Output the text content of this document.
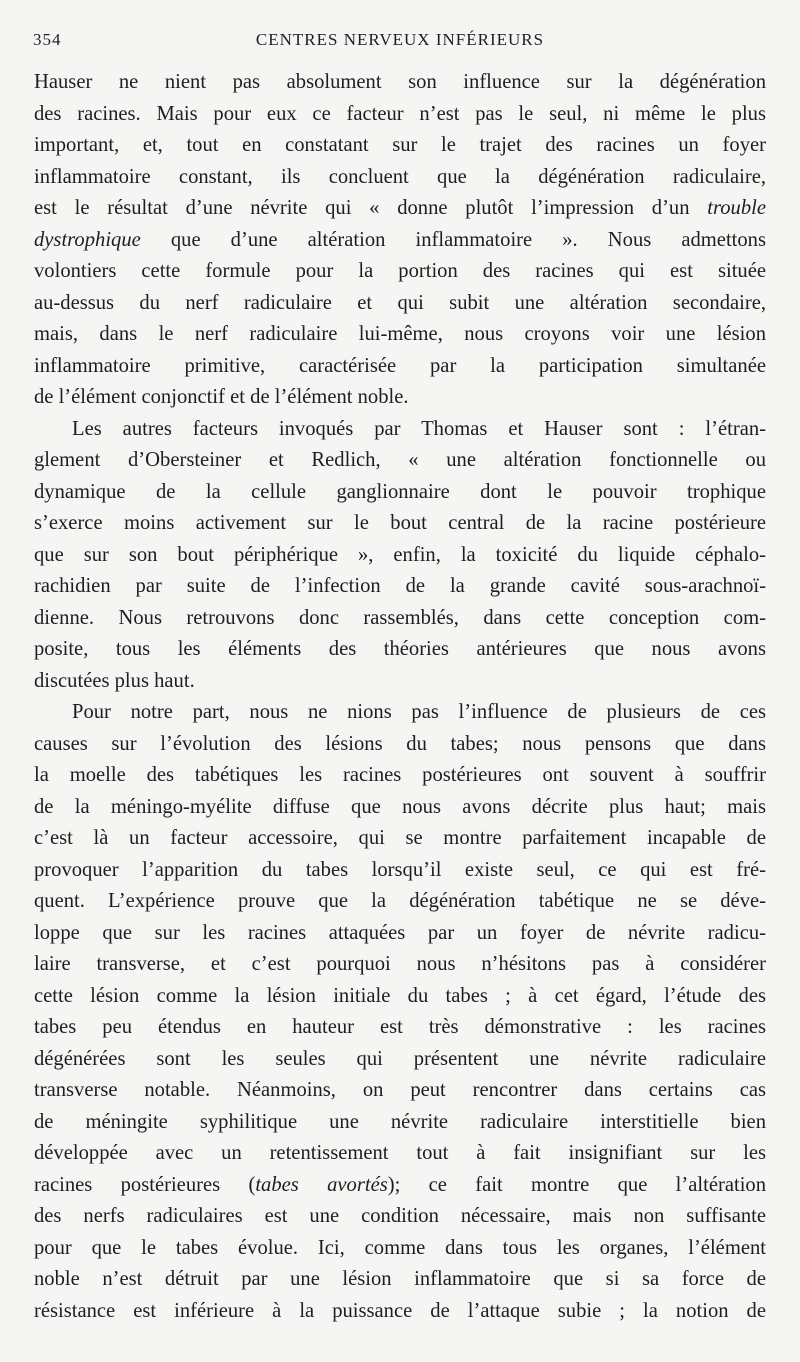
354	CENTRES NERVEUX INFÉRIEURS
Hauser ne nient pas absolument son influence sur la dégénération
des racines. Mais pour eux ce facteur n’est pas le seul, ni même le plus
important, et, tout en constatant sur le trajet des racines un foyer
inflammatoire constant, ils concluent que la dégénération radiculaire,
est le résultat d’une névrite qui « donne plutôt l’impression d’un trouble
dystrophique que d’une altération inflammatoire ». Nous admettons
volontiers cette formule pour la portion des racines qui est située
au-dessus du nerf radiculaire et qui subit une altération secondaire,
mais, dans le nerf radiculaire lui-même, nous croyons voir une lésion
inflammatoire primitive, caractérisée par la participation simultanée
de l’élément conjonctif et de l’élément noble.
Les autres facteurs invoqués par Thomas et Hauser sont : l’étran-
glement d’Obersteiner et Redlich, « une altération fonctionnelle ou
dynamique de la cellule ganglionnaire dont le pouvoir trophique
s’exerce moins activement sur le bout central de la racine postérieure
que sur son bout périphérique », enfin, la toxicité du liquide céphalo-
rachidien par suite de l’infection de la grande cavité sous-arachnoï-
dienne. Nous retrouvons donc rassemblés, dans cette conception com-
posite, tous les éléments des théories antérieures que nous avons
discutées plus haut.
Pour notre part, nous ne nions pas l’influence de plusieurs de ces
causes sur l’évolution des lésions du tabes; nous pensons que dans
la moelle des tabétiques les racines postérieures ont souvent à souffrir
de la méningo-myélite diffuse que nous avons décrite plus haut; mais
c’est là un facteur accessoire, qui se montre parfaitement incapable de
provoquer l’apparition du tabes lorsqu’il existe seul, ce qui est fré-
quent. L’expérience prouve que la dégénération tabétique ne se déve-
loppe que sur les racines attaquées par un foyer de névrite radicu-
laire transverse, et c’est pourquoi nous n’hésitons pas à considérer
cette lésion comme la lésion initiale du tabes ; à cet égard, l’étude des
tabes peu étendus en hauteur est très démonstrative : les racines
dégénérées sont les seules qui présentent une névrite radiculaire
transverse notable. Néanmoins, on peut rencontrer dans certains cas
de méningite syphilitique une névrite radiculaire interstitielle bien
développée avec un retentissement tout à fait insignifiant sur les
racines postérieures (tabes avortés); ce fait montre que l’altération
des nerfs radiculaires est une condition nécessaire, mais non suffisante
pour que le tabes évolue. Ici, comme dans tous les organes, l’élément
noble n’est détruit par une lésion inflammatoire que si sa force de
résistance est inférieure à la puissance de l’attaque subie ; la notion de
